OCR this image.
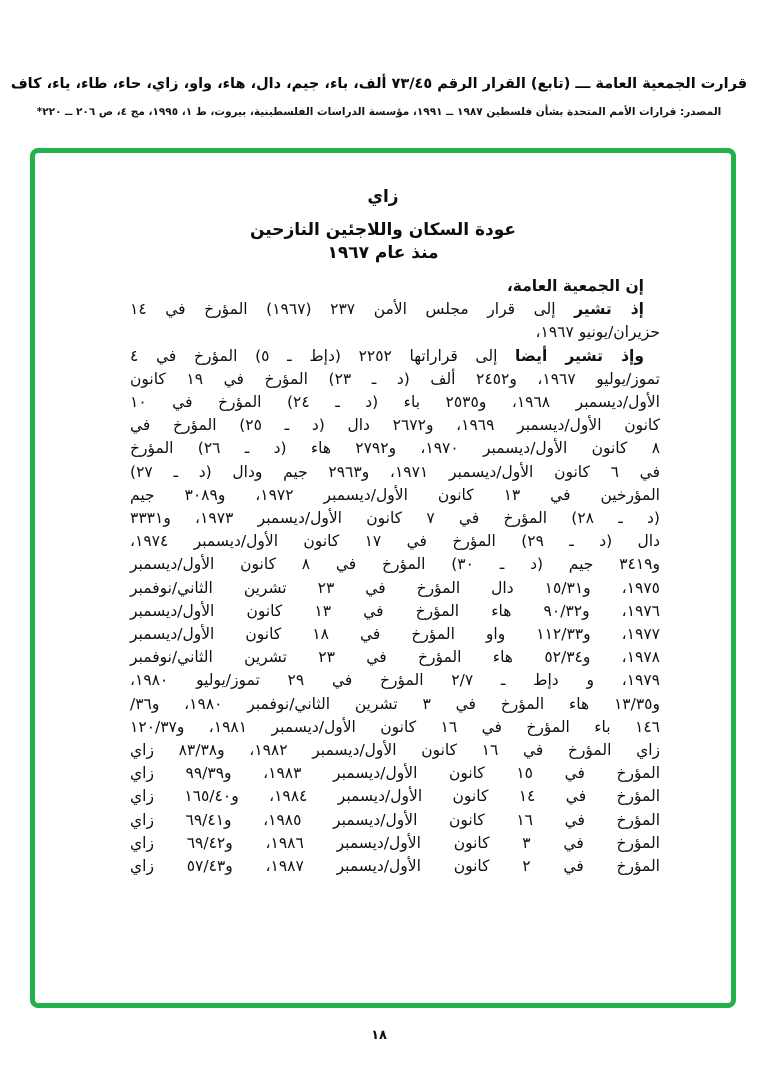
قرارت الجمعية العامة ـــ (تابع) القرار الرقم ٧٣/٤٥ ألف، باء، جيم، دال، هاء، واو، زاي، حاء، طاء، ياء، كاف
المصدر: قرارات الأمم المتحدة بشأن فلسطين ١٩٨٧ ــ ١٩٩١، مؤسسة الدراسات الفلسطينية، بيروت، ط ١، ١٩٩٥، مج ٤، ص ٢٠٦ ــ ٢٢٠*
زاي
عودة السكان واللاجئين النازحين
منذ عام ١٩٦٧
إن الجمعية العامة،
إذ تشير إلى قرار مجلس الأمن ٢٣٧ (١٩٦٧) المؤرخ في ١٤
حزيران/يونيو ١٩٦٧،
وإذ تشير أيضا إلى قراراتها ٢٢٥٢ (دإط ـ ٥) المؤرخ في ٤
تموز/يوليو ١٩٦٧، و٢٤٥٢ ألف (د ـ ٢٣) المؤرخ في ١٩ كانون
الأول/ديسمبر ١٩٦٨، و٢٥٣٥ باء (د ـ ٢٤) المؤرخ في ١٠
كانون الأول/ديسمبر ١٩٦٩، و٢٦٧٢ دال (د ـ ٢٥) المؤرخ في
٨ كانون الأول/ديسمبر ١٩٧٠، و٢٧٩٢ هاء (د ـ ٢٦) المؤرخ
في ٦ كانون الأول/ديسمبر ١٩٧١، و٢٩٦٣ جيم ودال (د ـ ٢٧)
المؤرخين في ١٣ كانون الأول/ديسمبر ١٩٧٢، و٣٠٨٩ جيم
(د ـ ٢٨) المؤرخ في ٧ كانون الأول/ديسمبر ١٩٧٣، و٣٣٣١
دال (د ـ ٢٩) المؤرخ في ١٧ كانون الأول/ديسمبر ١٩٧٤،
و٣٤١٩ جيم (د ـ ٣٠) المؤرخ في ٨ كانون الأول/ديسمبر
١٩٧٥، و١٥/٣١ دال المؤرخ في ٢٣ تشرين الثاني/نوفمبر
١٩٧٦، و٩٠/٣٢ هاء المؤرخ في ١٣ كانون الأول/ديسمبر
١٩٧٧، و١١٢/٣٣ واو المؤرخ في ١٨ كانون الأول/ديسمبر
١٩٧٨، و٥٢/٣٤ هاء المؤرخ في ٢٣ تشرين الثاني/نوفمبر
١٩٧٩، و دإط ـ ٢/٧ المؤرخ في ٢٩ تموز/يوليو ١٩٨٠،
و١٣/٣٥ هاء المؤرخ في ٣ تشرين الثاني/نوفمبر ١٩٨٠، و٣٦/
١٤٦ باء المؤرخ في ١٦ كانون الأول/ديسمبر ١٩٨١، و١٢٠/٣٧
زاي المؤرخ في ١٦ كانون الأول/ديسمبر ١٩٨٢، و٨٣/٣٨ زاي
المؤرخ في ١٥ كانون الأول/ديسمبر ١٩٨٣، و٩٩/٣٩ زاي
المؤرخ في ١٤ كانون الأول/ديسمبر ١٩٨٤، و١٦٥/٤٠ زاي
المؤرخ في ١٦ كانون الأول/ديسمبر ١٩٨٥، و٦٩/٤١ زاي
المؤرخ في ٣ كانون الأول/ديسمبر ١٩٨٦، و٦٩/٤٢ زاي
المؤرخ في ٢ كانون الأول/ديسمبر ١٩٨٧، و٥٧/٤٣ زاي
١٨
